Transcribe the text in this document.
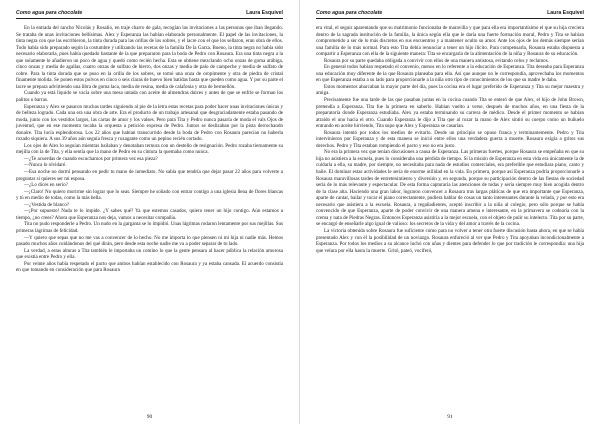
Como agua para chocolate	Laura Esquivel

En la entrada del rancho Nicolás y Rosalío, en traje charro de gala, recogían las invitaciones a las personas que iban llegando. Se trataba de unas invitaciones bellísimas. Alex y Esperanza las habían elaborado personalmente. El papel de las invitaciones, la tinta negra con que las escribieron, la tinta dorada para las orillas de los sobres, y el lacre con el que los sellaron, eran obra de ellos. Todo había sido preparado según la costumbre y utilizando las recetas de la familia De la Garza. Bueno, la tinta negra no había sido necesario elaborarla, pues había quedado bastante de la que prepararon para la boda de Pedro con Rosaura. Era una tinta negra a la que solamente le añadieron un poco de agua y quedó como recién hecha. Esta se obtiene mezclando ocho onzas de goma arábiga, cinco onzas y media de agallas, cuatro onzas de sulfato de hierro, dos onzas y media de palo de campeche y media de sulfato de cobre. Para la tinta dorada que se puso en la orilla de los sobres, se tomó una onza de oropimente y otra de piedra de cristal finamente molida. Se ponen estos polvos en cinco o seis claras de huevo bien batidas hasta que queden como agua. Y por su parte el lacre se prepara advirtiendo una libra de goma laca, media de resina, media de calafonia y otra de bermellón.

Cuando ya está líquido se vacía sobre una mesa untada con aceite de almendras dulces y antes de que se enfríe se forman los palitos o barras.

Esperanza y Alex se pasaron muchas tardes siguiendo al pie de la letra estas recetas para poder hacer unas invitaciones únicas y de belleza logrado. Cada una era una obra de arte. Era el producto de un trabajo artesanal que desgraciadamente estaba pasando de moda, junto con los vestidos largos, las cartas de amor y los valses. Pero para Tita y Pedro nunca pasaría de moda el vals Ojos de juventud, que en ese momento tocaba la orquesta a petición expresa de Pedro. Juntos se deslizaban por la pista derrochando donaire. Tita lucía esplendorosa. Los 22 años que habían transcurrido desde la boda de Pedro con Rosaura parecían no haberla rozado siquiera. A sus 39 años aún seguía fresca y rozagante como un pepino recién cortado.

Los ojos de Alex lo seguían mientras bailaban y denotaban ternura con un destello de resignación. Pedro rozaba tiernamente su mejilla con la de Tita, y ella sentía que la mano de Pedro en su cintura la quemaba como nunca.

—¿Te acuerdas de cuando escuchamos por primera vez esa pieza?

—Nunca lo olvidaré.

—Esa noche no dormí pensando en pedir tu mano de inmediato. No sabía que tendría que dejar pasar 22 años para volverte a preguntar si quieres ser mi esposa.

—¿Lo dices en serio?

—¡Claro! No quiero morirme sin lograr que lo seas. Siempre he soñado con entrar contigo a una iglesia llena de flores blancas y tú en medio de todas, como la más bella.

—¿Vestida de blanco?

—¡Por supuesto! Nada te lo impide. ¿Y sabes qué? Ya que estemos casados, quiero tener un hijo contigo. Aún estamos a tiempo, ¿no crees? Ahora que Esperanza nos deja, vamos a necesitar compañía.

Tita no pudo responderle a Pedro. Un nudo en la garganta se lo impidió. Unas lágrimas rodaron lentamente por sus mejillas. Sus primeras lágrimas de felicidad.

—Y quiero que sepas que no me vas a convencer de lo hecho. No me importa lo que piensen ni mi hija ni nadie más. Hemos pasado muchos años cuidándonos del qué dirán, pero desde esta noche nadie me va a poder separar de tu lado.

La verdad, a estas alturas a Tita también le importaba un comino lo que la gente pensara al hacer pública la relación amorosa que existía entre Pedro y ella.

Por veinte años había respetado el pacto que ambos habían establecido con Rosaura y ya estaba cansada. El acuerdo consistía en que tomando en consideración que para Rosaura

90
Como agua para chocolate	Laura Esquivel

era vital, el seguir aparentando que su matrimonio funcionaba de maravilla y que para ella era importantísimo el que su hija creciera dentro de la sagrada institución de la familia, la única según ella que le daría una fuerte formación moral, Pedro y Tita se habían comprometido a ser de lo más discretos en sus encuentros y a mantener oculto su amor. Ante los ojos de los demás siempre serían una familia de lo más normal. Para esto Tita debía renunciar a tener un hijo ilícito. Para compensarla, Rosaura estaba dispuesta a compartir a Esperanza con ella de la siguiente manera: Tita se encargaría de la alimentación de la niña y Rosaura de su educación.

Rosaura por su parte quedaba obligada a convivir con ellos de una manera amistosa, evitando celos y reclamos.

En general todos habían respetado el convenio, menos en lo referente a la educación de Esperanza. Tita deseaba para Esperanza una educación muy diferente de la que Rosaura planeaba para ella. Así que aunque no le correspondía, aprovechaba los momentos en que Esperanza estaba a su lado para proporcionarle a la niña otro tipo de conocimientos de los que su madre le daba.

Estos momentos abarcaban la mayor parte del día, pues la cocina era el lugar preferido de Esperanza y Tita su mejor maestra y amiga.

Precisamente fue una tarde de las que pasaban juntas en la cocina cuando Tita se enteró de que Alex, el hijo de John Brown, pretendía a Esperanza. Tita fue la primera en saberlo. Habían vuelto a verse, después de muchos años, en una fiesta de la preparatoria donde Esperanza estudiaba. Alex ya estaba terminando su carrera de médico. Desde el primer momento se habían atraído el uno hacia el otro. Cuando Esperanza le dijo a Tita que al rozar la mano de Alex sintió su cuerpo como un buñuelo entrando en aceite hirviendo, Tita supo que Alex y Esperanza se casarían.

Rosaura intentó por todos los medios de evitarlo. Desde un principio se opuso franca y terminantemente. Pedro y Tita intervinieron por Esperanza y de esta manera se inició entre ellos una verdadera guerra a muerte. Rosaura exigía a gritos sus derechos. Pedro y Tita estaban rompiendo el pacto y eso no era justo.

No era la primera vez que tenían discusiones a causa de Esperanza. Las primeras fuertes, porque Rosaura se empeñaba en que su hija no asistiera a la escuela, pues lo consideraba una pérdida de tiempo. Si la misión de Esperanza en esta vida era únicamente la de cuidarla a ella, su madre, por siempre, no necesitaba para nada de estudios comerciales, era preferible que estudiara piano, canto y baile. El dominar estas actividades le sería de enorme utilidad en la vida. En primera, porque así Esperanza podría proporcionarle a Rosaura maravillosas tardes de entretenimiento y diversión y, en segunda, porque su participación dentro de las fiestas de sociedad sería de lo más relevante y espectacular. De esta forma capturaría las atenciones de todas y sería siempre muy bien acogida dentro de la clase alta. Haciendo una gran labor, lograron convencer a Rosaura tras largas pláticas de que era importante que Esperanza, aparte de cantar, bailar y tocar el piano correctamente, pudiera hablar de cosas un tanto interesantes durante la velada, y por esto era necesario que asistiera a la escuela. Rosaura, a regañadientes, aceptó inscribir a la niña al colegio, pero sólo porque se había convencido de que Esperanza, aparte de poder convivir de una manera amena e interesante, en la primavera se codearía con la crema y nata de Piedras Negras. Entonces Esperanza asistiría a la mejor escuela, con el objeto de pulir su intelecto. Tita por su parte, se encargó de enseñarle algo igual de valioso: los secretos de la vida y del amor a través de la cocina.

La victoria obtenida sobre Rosaura fue suficiente como para no volver a tener otra fuerte discusión hasta ahora, en que se había presentado Alex y con él la posibilidad de un noviazgo. Rosaura enfureció al ver que Pedro y Tita apoyaban incondicionalmente a Esperanza. Por todos los medios a su alcance luchó con uñas y dientes para defender lo que por tradición le correspondía: una hija que velara por ella hasta la muerte. Gritó, pateó, vociferó,

91
